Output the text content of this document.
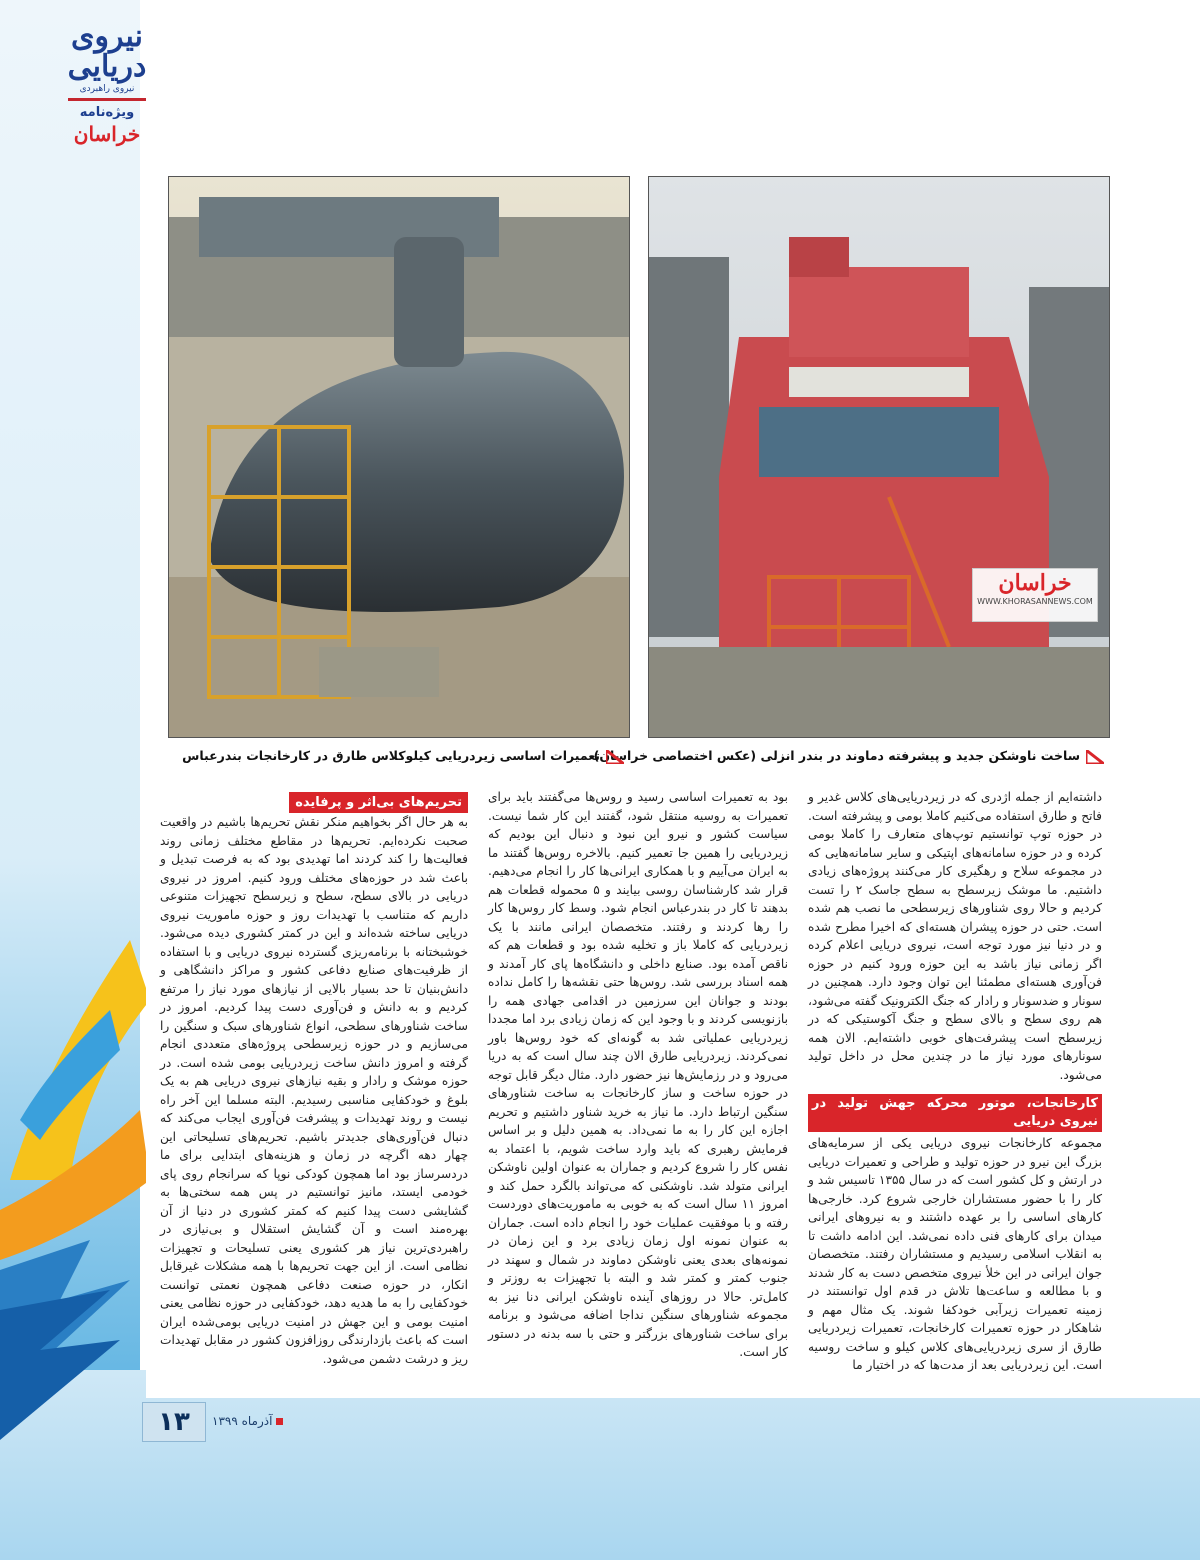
نیروی دریایی
نیروی راهبردی
ویژه‌نامه
خراسان
خراسان
WWW.KHORASANNEWS.COM
ساخت ناوشکن جدید و پیشرفته دماوند در بندر انزلی (عکس اختصاصی خراسان)
تعمیرات اساسی زیردریایی کیلوکلاس طارق در کارخانجات بندرعباس

داشته‌ایم از جمله اژدری که در زیردریایی‌های کلاس غدیر و فاتح و طارق استفاده می‌کنیم کاملا بومی و پیشرفته است. در حوزه توپ توانستیم توپ‌های متعارف را کاملا بومی کرده و در حوزه سامانه‌های اپتیکی و سایر سامانه‌هایی که در مجموعه سلاح و رهگیری کار می‌کنند پروژه‌های زیادی داشتیم. ما موشک زیرسطح به سطح جاسک ۲ را تست کردیم و حالا روی شناورهای زیرسطحی ما نصب هم شده است. حتی در حوزه پیشران هسته‌ای که اخیرا مطرح شده و در دنیا نیز مورد توجه است، نیروی دریایی اعلام کرده اگر زمانی نیاز باشد به این حوزه ورود کنیم در حوزه فن‌آوری هسته‌ای مطمئنا این توان وجود دارد. همچنین در سونار و ضدسونار و رادار که جنگ الکترونیک گفته می‌شود، هم روی سطح و بالای سطح و جنگ آکوستیکی که در زیرسطح است پیشرفت‌های خوبی داشته‌ایم. الان همه سونارهای مورد نیاز ما در چندین محل در داخل تولید می‌شود.

کارخانجات، موتور محرکه جهش تولید در نیروی دریایی

مجموعه کارخانجات نیروی دریایی یکی از سرمایه‌های بزرگ این نیرو در حوزه تولید و طراحی و تعمیرات دریایی در ارتش و کل کشور است که در سال ۱۳۵۵ تاسیس شد و کار را با حضور مستشاران خارجی شروع کرد. خارجی‌ها کارهای اساسی را بر عهده داشتند و به نیروهای ایرانی میدان برای کارهای فنی داده نمی‌شد. این ادامه داشت تا به انقلاب اسلامی رسیدیم و مستشاران رفتند. متخصصان جوان ایرانی در این خلأ نیروی متخصص دست به کار شدند و با مطالعه و ساعت‌ها تلاش در قدم اول توانستند در زمینه تعمیرات زیرآبی خودکفا شوند. یک مثال مهم و شاهکار در حوزه تعمیرات کارخانجات، تعمیرات زیردریایی طارق از سری زیردریایی‌های کلاس کیلو و ساخت روسیه است. این زیردریایی بعد از مدت‌ها که در اختیار ما

بود به تعمیرات اساسی رسید و روس‌ها می‌گفتند باید برای تعمیرات به روسیه منتقل شود، گفتند این کار شما نیست. سیاست کشور و نیرو این نبود و دنبال این بودیم که زیردریایی را همین جا تعمیر کنیم. بالاخره روس‌ها گفتند ما به ایران می‌آییم و با همکاری ایرانی‌ها کار را انجام می‌دهیم. قرار شد کارشناسان روسی بیایند و ۵ محموله قطعات هم بدهند تا کار در بندرعباس انجام شود. وسط کار روس‌ها کار را رها کردند و رفتند. متخصصان ایرانی مانند با یک زیردریایی که کاملا باز و تخلیه شده بود و قطعات هم که ناقص آمده بود. صنایع داخلی و دانشگاه‌ها پای کار آمدند و همه اسناد بررسی شد. روس‌ها حتی نقشه‌ها را کامل نداده بودند و جوانان این سرزمین در اقدامی جهادی همه را بازنویسی کردند و با وجود این که زمان زیادی برد اما مجددا زیردریایی عملیاتی شد به گونه‌ای که خود روس‌ها باور نمی‌کردند. زیردریایی طارق الان چند سال است که به دریا می‌رود و در رزمایش‌ها نیز حضور دارد. مثال دیگر قابل توجه در حوزه ساخت و ساز کارخانجات به ساخت شناورهای سنگین ارتباط دارد. ما نیاز به خرید شناور داشتیم و تحریم اجازه این کار را به ما نمی‌داد. به همین دلیل و بر اساس فرمایش رهبری که باید وارد ساخت شویم، با اعتماد به نفس کار را شروع کردیم و جماران به عنوان اولین ناوشکن ایرانی متولد شد. ناوشکنی که می‌تواند بالگرد حمل کند و امروز ۱۱ سال است که به خوبی به ماموریت‌های دوردست رفته و با موفقیت عملیات خود را انجام داده است. جماران به عنوان نمونه اول زمان زیادی برد و این زمان در نمونه‌های بعدی یعنی ناوشکن دماوند در شمال و سهند در جنوب کمتر و کمتر شد و البته با تجهیزات به روزتر و کامل‌تر. حالا در روزهای آینده ناوشکن ایرانی دنا نیز به مجموعه شناورهای سنگین نداجا اضافه می‌شود و برنامه برای ساخت شناورهای بزرگتر و حتی با سه بدنه در دستور کار است.

تحریم‌های بی‌اثر و پرفایده

به هر حال اگر بخواهیم منکر نقش تحریم‌ها باشیم در واقعیت صحبت نکرده‌ایم. تحریم‌ها در مقاطع مختلف زمانی روند فعالیت‌ها را کند کردند اما تهدیدی بود که به فرصت تبدیل و باعث شد در حوزه‌های مختلف ورود کنیم. امروز در نیروی دریایی در بالای سطح، سطح و زیرسطح تجهیزات متنوعی داریم که متناسب با تهدیدات روز و حوزه ماموریت نیروی دریایی ساخته شده‌اند و این در کمتر کشوری دیده می‌شود. خوشبختانه با برنامه‌ریزی گسترده نیروی دریایی و با استفاده از ظرفیت‌های صنایع دفاعی کشور و مراکز دانشگاهی و دانش‌بنیان تا حد بسیار بالایی از نیازهای مورد نیاز را مرتفع کردیم و به دانش و فن‌آوری دست پیدا کردیم. امروز در ساخت شناورهای سطحی، انواع شناورهای سبک و سنگین را می‌سازیم و در حوزه زیرسطحی پروژه‌های متعددی انجام گرفته و امروز دانش ساخت زیردریایی بومی شده است. در حوزه موشک و رادار و بقیه نیازهای نیروی دریایی هم به یک بلوغ و خودکفایی مناسبی رسیدیم. البته مسلما این آخر راه نیست و روند تهدیدات و پیشرفت فن‌آوری ایجاب می‌کند که دنبال فن‌آوری‌های جدیدتر باشیم. تحریم‌های تسلیحاتی این چهار دهه اگرچه در زمان و هزینه‌های ابتدایی برای ما دردسرساز بود اما همچون کودکی نوپا که سرانجام روی پای خودمی ایستد، مانیز توانستیم در پس همه سختی‌ها به گشایشی دست پیدا کنیم که کمتر کشوری در دنیا از آن بهره‌مند است و آن گشایش استقلال و بی‌نیازی در راهبردی‌ترین نیاز هر کشوری یعنی تسلیحات و تجهیزات نظامی است. از این جهت تحریم‌ها با همه مشکلات غیرقابل انکار، در حوزه صنعت دفاعی همچون نعمتی توانست خودکفایی را به ما هدیه دهد، خودکفایی در حوزه نظامی یعنی امنیت بومی و این جهش در امنیت دریایی بومی‌شده ایران است که باعث بازدارندگی روزافزون کشور در مقابل تهدیدات ریز و درشت دشمن می‌شود.

۱۳	آذرماه ۱۳۹۹
